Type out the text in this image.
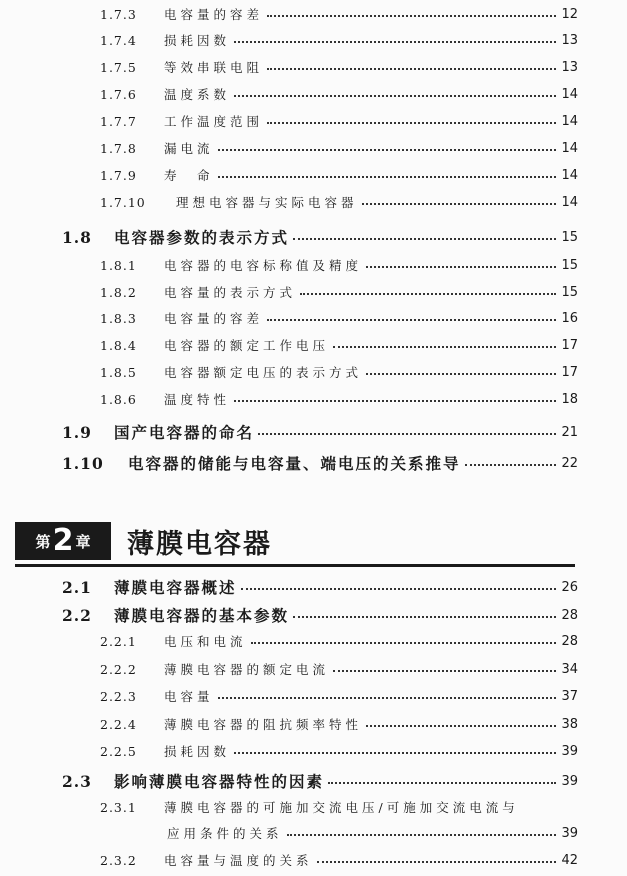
1.7.3	电容量的容差	12
1.7.4	损耗因数	13
1.7.5	等效串联电阻	13
1.7.6	温度系数	14
1.7.7	工作温度范围	14
1.7.8	漏电流	14
1.7.9	寿　命	14
1.7.10	理想电容器与实际电容器	14
1.8	电容器参数的表示方式	15
1.8.1	电容器的电容标称值及精度	15
1.8.2	电容量的表示方式	15
1.8.3	电容量的容差	16
1.8.4	电容器的额定工作电压	17
1.8.5	电容器额定电压的表示方式	17
1.8.6	温度特性	18
1.9	国产电容器的命名	21
1.10	电容器的储能与电容量、端电压的关系推导	22
2.1	薄膜电容器概述	26
2.2	薄膜电容器的基本参数	28
2.2.1	电压和电流	28
2.2.2	薄膜电容器的额定电流	34
2.2.3	电容量	37
2.2.4	薄膜电容器的阻抗频率特性	38
2.2.5	损耗因数	39
2.3	影响薄膜电容器特性的因素	39
2.3.1	薄膜电容器的可施加交流电压/可施加交流电流与
应用条件的关系	39
2.3.2	电容量与温度的关系	42
第 2 章 薄膜电容器
